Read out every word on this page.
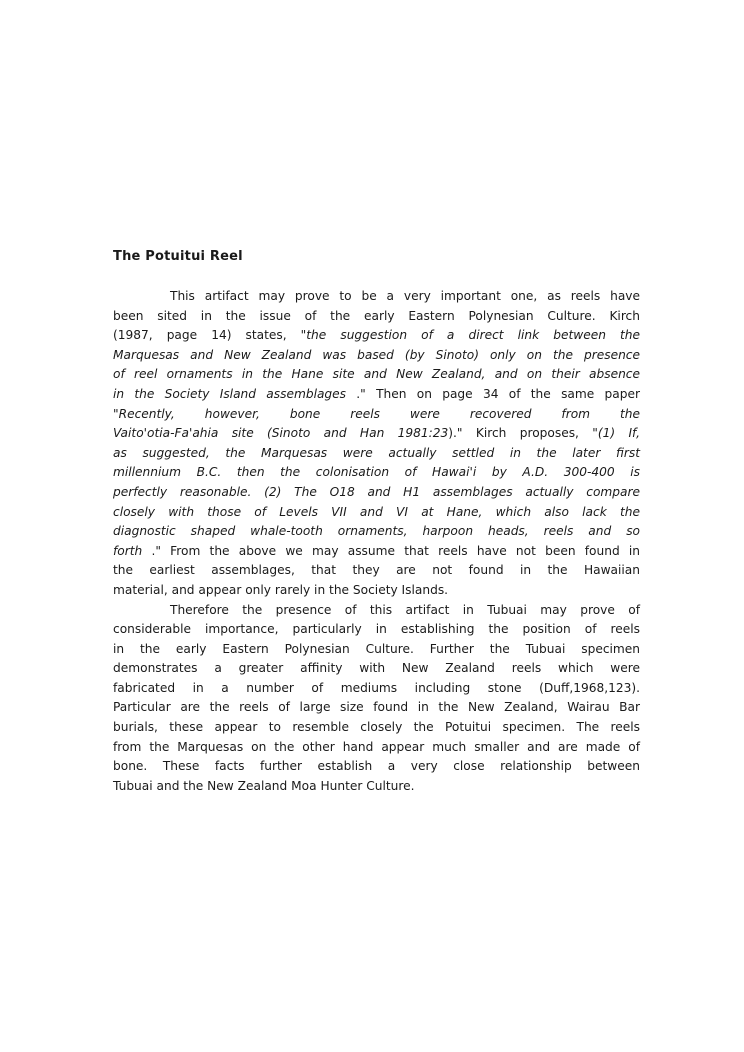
The Potuitui Reel
This artifact may prove to be a very important one, as reels have
been sited in the issue of the early Eastern Polynesian Culture. Kirch
(1987, page 14) states, "the suggestion of a direct link between the
Marquesas and New Zealand was based (by Sinoto) only on the presence
of reel ornaments in the Hane site and New Zealand, and on their absence
in the Society Island assemblages ." Then on page 34 of the same paper
"Recently, however, bone reels were recovered from the
Vaito'otia-Fa'ahia site (Sinoto and Han 1981:23)." Kirch proposes, "(1) If,
as suggested, the Marquesas were actually settled in the later first
millennium B.C. then the colonisation of Hawai'i by A.D. 300-400 is
perfectly reasonable. (2) The O18 and H1 assemblages actually compare
closely with those of Levels VII and VI at Hane, which also lack the
diagnostic shaped whale-tooth ornaments, harpoon heads, reels and so
forth ." From the above we may assume that reels have not been found in
the earliest assemblages, that they are not found in the Hawaiian
material, and appear only rarely in the Society Islands.
Therefore the presence of this artifact in Tubuai may prove of
considerable importance, particularly in establishing the position of reels
in the early Eastern Polynesian Culture. Further the Tubuai specimen
demonstrates a greater affinity with New Zealand reels which were
fabricated in a number of mediums including stone (Duff,1968,123).
Particular are the reels of large size found in the New Zealand, Wairau Bar
burials, these appear to resemble closely the Potuitui specimen. The reels
from the Marquesas on the other hand appear much smaller and are made of
bone. These facts further establish a very close relationship between
Tubuai and the New Zealand Moa Hunter Culture.
